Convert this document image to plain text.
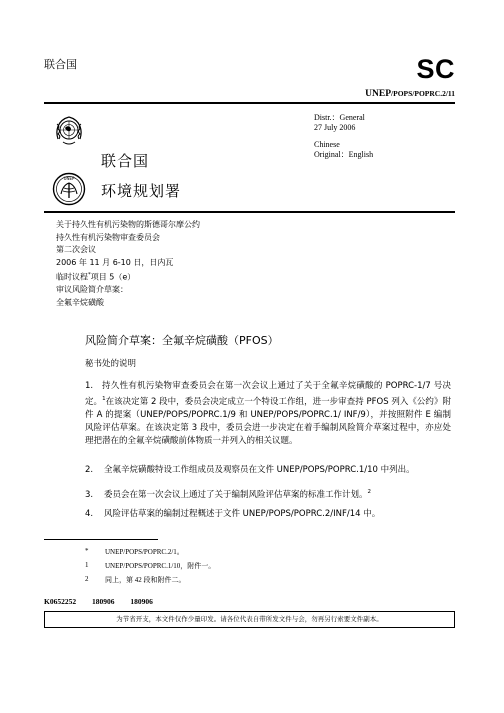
联合国	SC
UNEP/POPS/POPRC.2/11
联合国
UNEP
环境规划署
Distr.：General
27 July 2006
Chinese
Original：English
关于持久性有机污染物的斯德哥尔摩公约
持久性有机污染物审查委员会
第二次会议
2006 年 11 月 6-10 日，日内瓦
临时议程*项目 5（e）
审议风险简介草案：
全氟辛烷磺酸
风险简介草案：全氟辛烷磺酸（PFOS）
秘书处的说明
1. 持久性有机污染物审查委员会在第一次会议上通过了关于全氟辛烷磺酸的 POPRC-1/7 号决定。$^1$在该决定第 2 段中，委员会决定成立一个特设工作组，进一步审查持 PFOS 列入《公约》附件 A 的提案（UNEP/POPS/POPRC.1/9 和 UNEP/POPS/POPRC.1/ INF/9），并按照附件 E 编制风险评估草案。在该决定第 3 段中，委员会进一步决定在着手编制风险简介草案过程中，亦应处理把潜在的全氟辛烷磺酸前体物质一并列入的相关议题。
2. 全氟辛烷磺酸特设工作组成员及观察员在文件 UNEP/POPS/POPRC.1/10 中列出。
3. 委员会在第一次会议上通过了关于编制风险评估草案的标准工作计划。$^2$
4. 风险评估草案的编制过程概述于文件 UNEP/POPS/POPRC.2/INF/14 中。
* UNEP/POPS/POPRC.2/1。
1 UNEP/POPS/POPRC.1/10，附件一。
2 同上，第 42 段和附件二。
K0652252 180906 180906
为节省开支，本文件仅作少量印发。请各位代表自带所发文件与会，勿再另行索要文件副本。
